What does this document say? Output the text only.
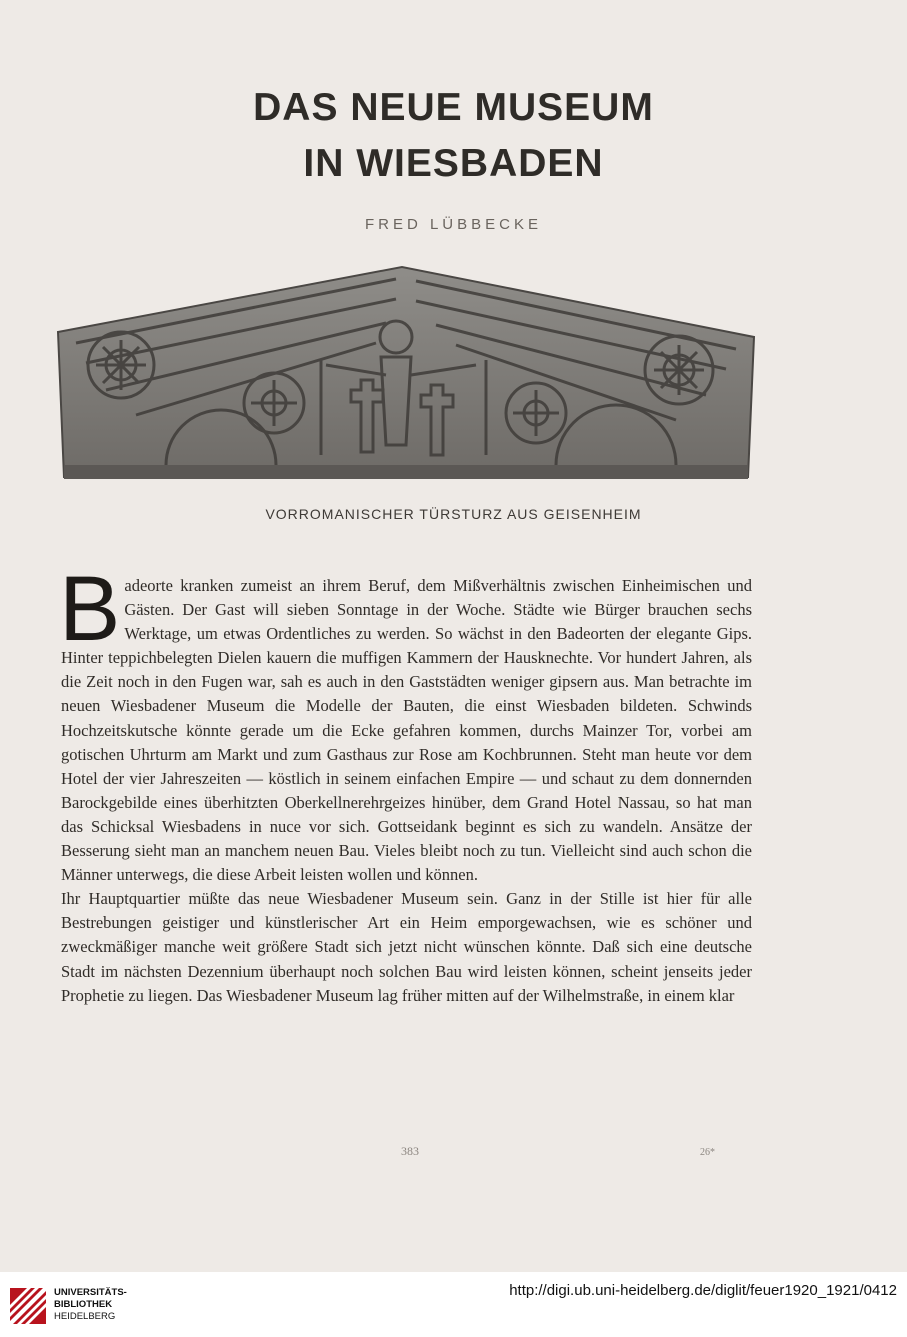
DAS NEUE MUSEUM
IN WIESBADEN

FRED LÜBBECKE

VORROMANISCHER TÜRSTURZ AUS GEISENHEIM

Badeorte kranken zumeist an ihrem Beruf, dem Mißverhältnis zwischen Einheimischen und Gästen. Der Gast will sieben Sonntage in der Woche. Städte wie Bürger brauchen sechs Werktage, um etwas Ordentliches zu werden. So wächst in den Badeorten der elegante Gips. Hinter teppichbelegten Dielen kauern die muffigen Kammern der Hausknechte. Vor hundert Jahren, als die Zeit noch in den Fugen war, sah es auch in den Gaststädten weniger gipsern aus. Man betrachte im neuen Wiesbadener Museum die Modelle der Bauten, die einst Wiesbaden bildeten. Schwinds Hochzeitskutsche könnte gerade um die Ecke gefahren kommen, durchs Mainzer Tor, vorbei am gotischen Uhrturm am Markt und zum Gasthaus zur Rose am Kochbrunnen. Steht man heute vor dem Hotel der vier Jahreszeiten — köstlich in seinem einfachen Empire — und schaut zu dem donnernden Barockgebilde eines überhitzten Oberkellnerehrgeizes hinüber, dem Grand Hotel Nassau, so hat man das Schicksal Wiesbadens in nuce vor sich. Gottseidank beginnt es sich zu wandeln. Ansätze der Besserung sieht man an manchem neuen Bau. Vieles bleibt noch zu tun. Vielleicht sind auch schon die Männer unterwegs, die diese Arbeit leisten wollen und können.

Ihr Hauptquartier müßte das neue Wiesbadener Museum sein. Ganz in der Stille ist hier für alle Bestrebungen geistiger und künstlerischer Art ein Heim emporgewachsen, wie es schöner und zweckmäßiger manche weit größere Stadt sich jetzt nicht wünschen könnte. Daß sich eine deutsche Stadt im nächsten Dezennium überhaupt noch solchen Bau wird leisten können, scheint jenseits jeder Prophetie zu liegen. Das Wiesbadener Museum lag früher mitten auf der Wilhelmstraße, in einem klar

383	26*
UNIVERSITÄTS-
BIBLIOTHEK
HEIDELBERG
http://digi.ub.uni-heidelberg.de/diglit/feuer1920_1921/0412
